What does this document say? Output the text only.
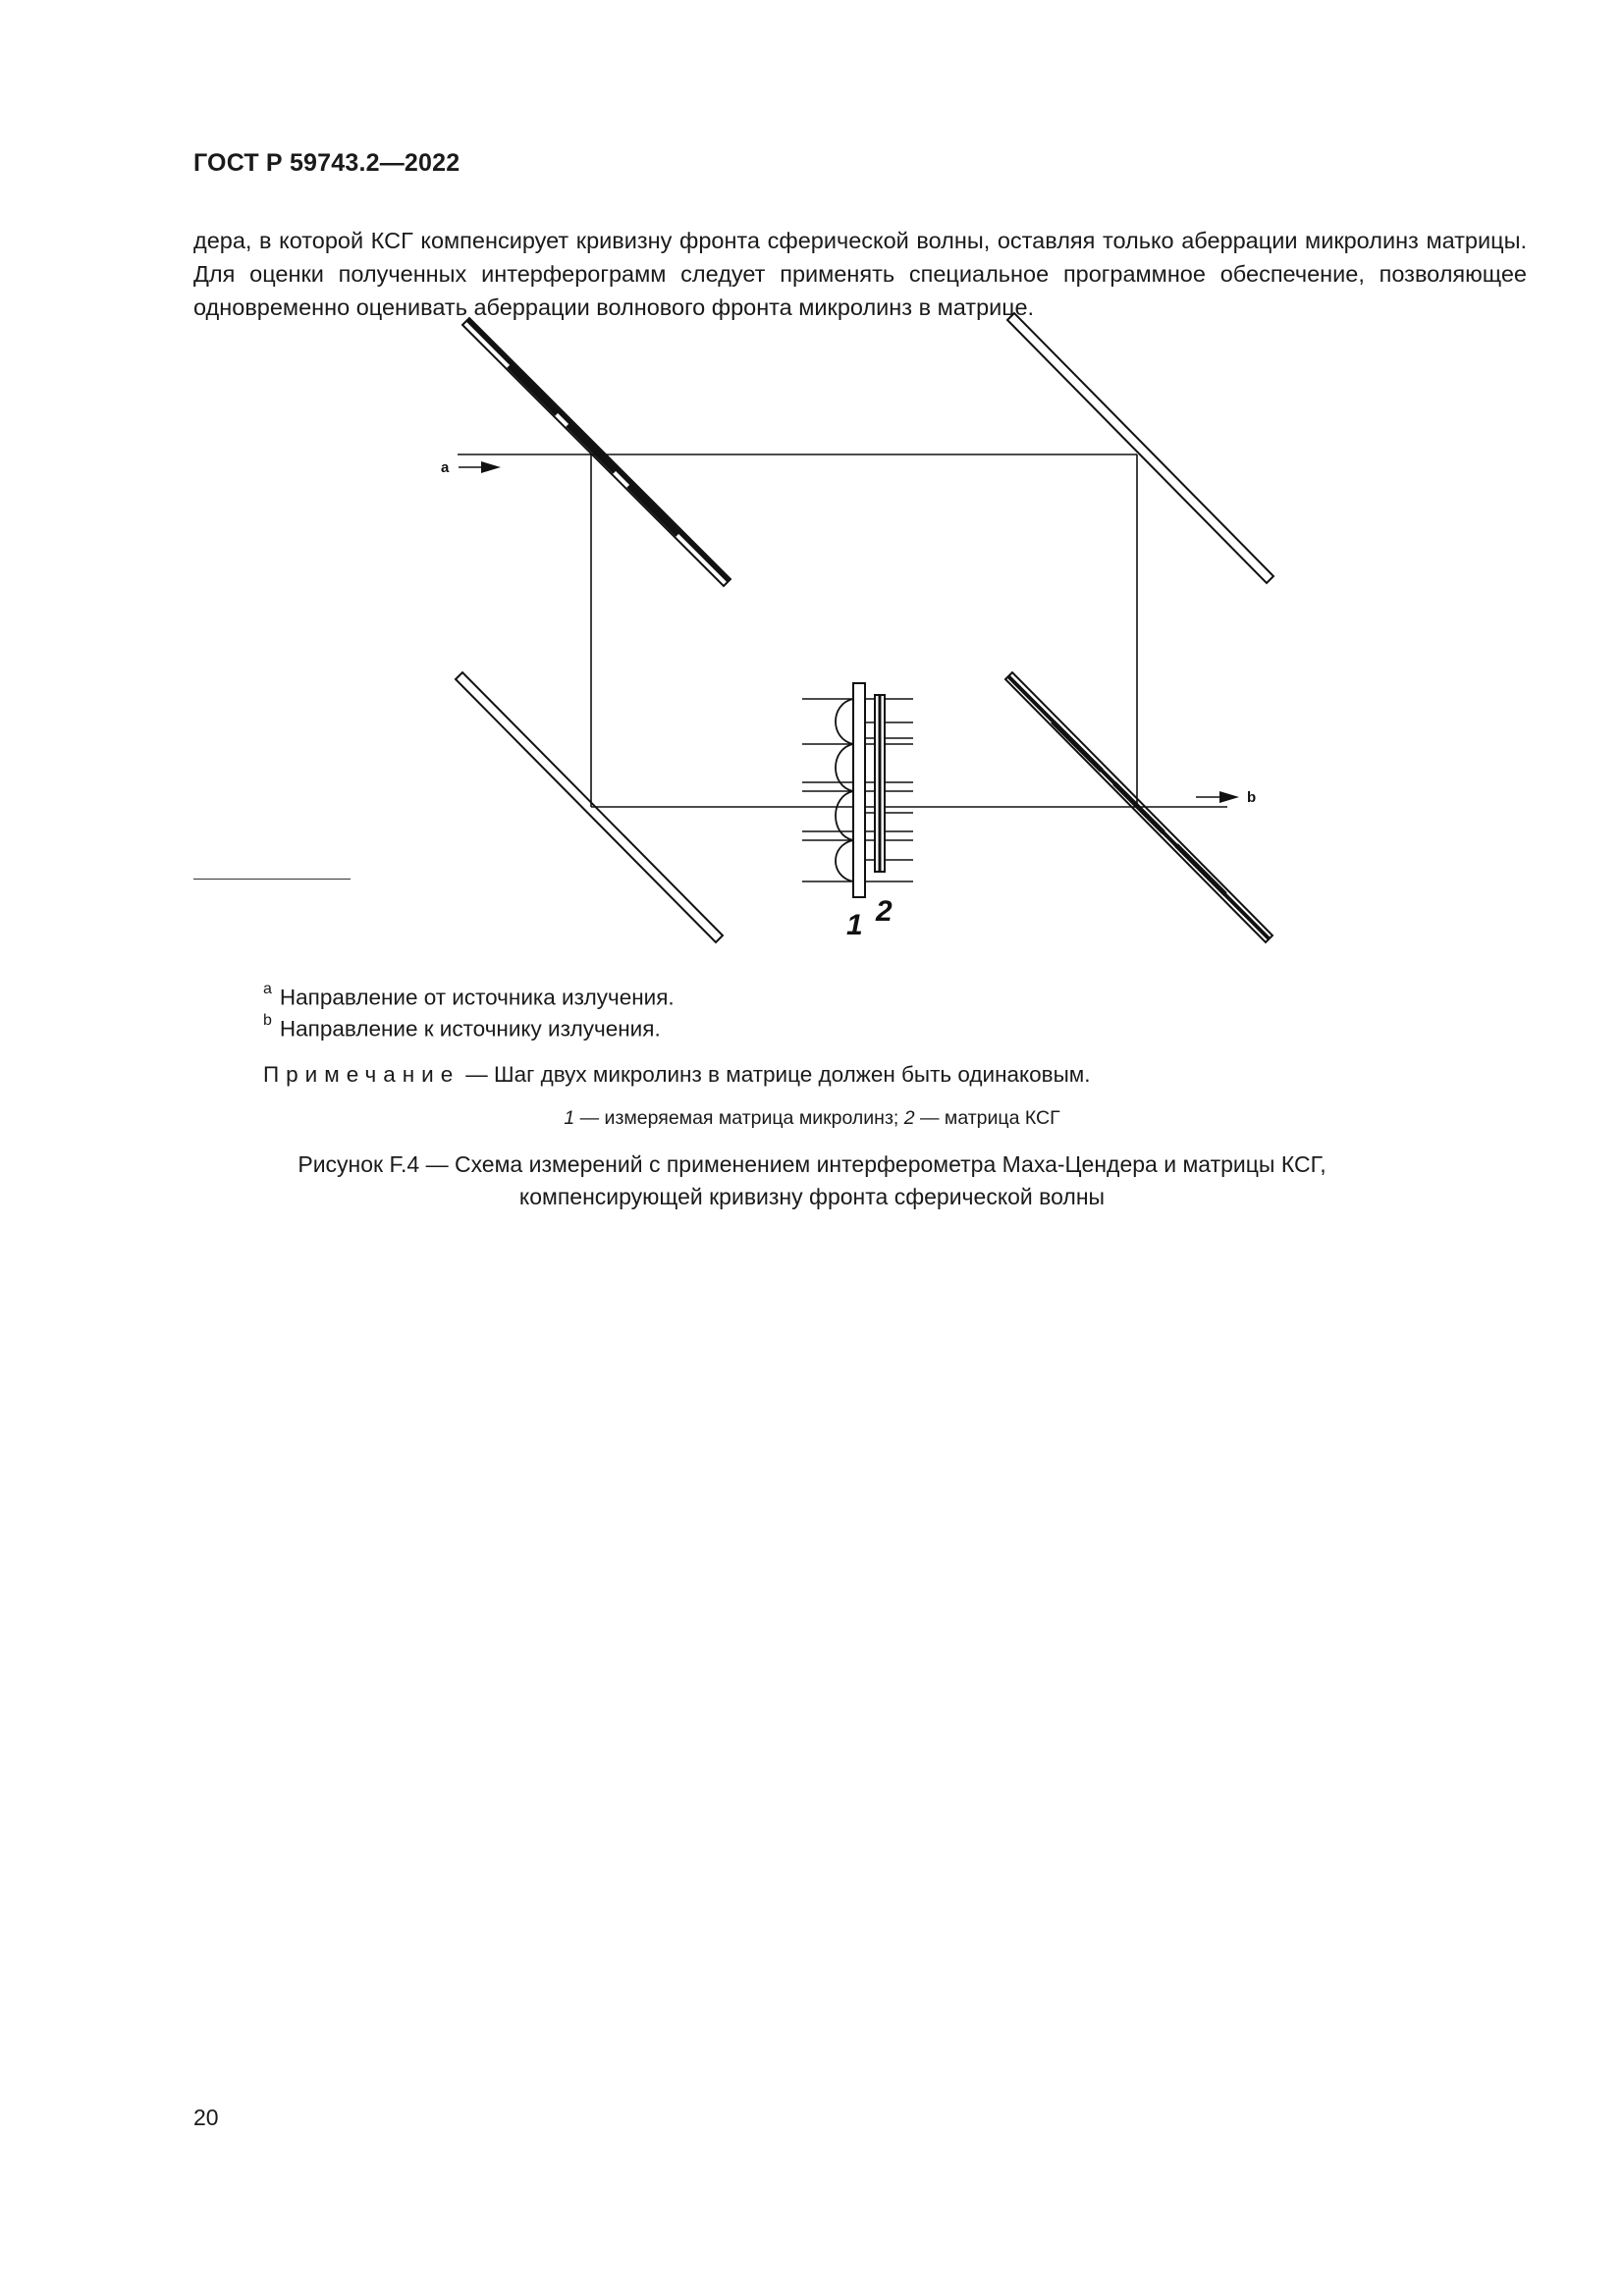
ГОСТ Р 59743.2—2022
дера, в которой КСГ компенсирует кривизну фронта сферической волны, оставляя только аберрации микролинз матрицы. Для оценки полученных интерферограмм следует применять специальное программное обеспечение, позволяющее одновременно оценивать аберрации волнового фронта микролинз в матрице.
a
b
1 2
$^a$ Направление от источника излучения.
$^b$ Направление к источнику излучения.
Примечание — Шаг двух микролинз в матрице должен быть одинаковым.
1 — измеряемая матрица микролинз; 2 — матрица КСГ
Рисунок F.4 — Схема измерений с применением интерферометра Маха-Цендера и матрицы КСГ,
компенсирующей кривизну фронта сферической волны
20
